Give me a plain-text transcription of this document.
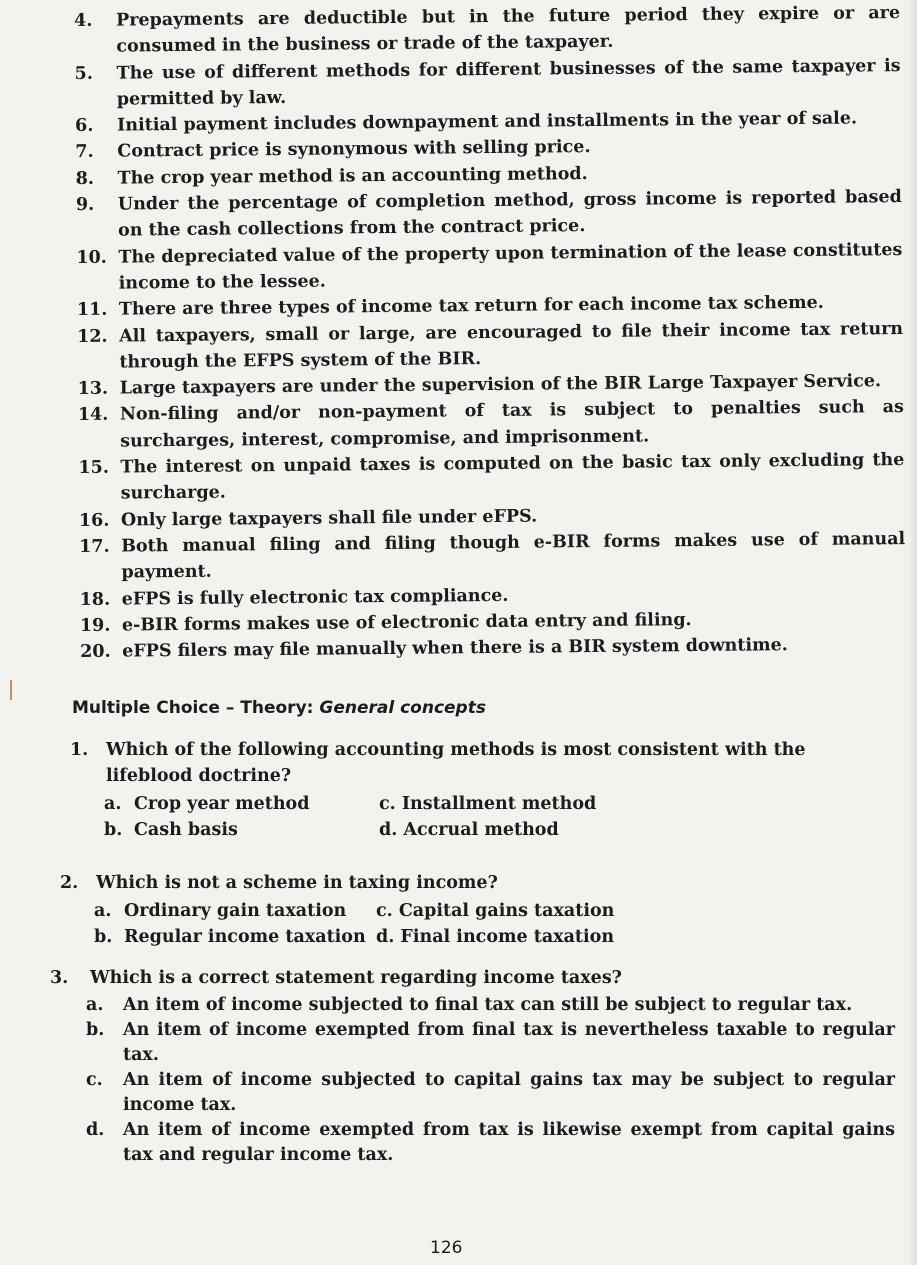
4.	Prepayments are deductible but in the future period they expire or are consumed in the business or trade of the taxpayer.
5.	The use of different methods for different businesses of the same taxpayer is permitted by law.
6.	Initial payment includes downpayment and installments in the year of sale.
7.	Contract price is synonymous with selling price.
8.	The crop year method is an accounting method.
9.	Under the percentage of completion method, gross income is reported based on the cash collections from the contract price.
10. The depreciated value of the property upon termination of the lease constitutes income to the lessee.
11. There are three types of income tax return for each income tax scheme.
12. All taxpayers, small or large, are encouraged to file their income tax return through the EFPS system of the BIR.
13. Large taxpayers are under the supervision of the BIR Large Taxpayer Service.
14. Non-filing and/or non-payment of tax is subject to penalties such as surcharges, interest, compromise, and imprisonment.
15. The interest on unpaid taxes is computed on the basic tax only excluding the surcharge.
16. Only large taxpayers shall file under eFPS.
17. Both manual filing and filing though e-BIR forms makes use of manual payment.
18. eFPS is fully electronic tax compliance.
19. e-BIR forms makes use of electronic data entry and filing.
20. eFPS filers may file manually when there is a BIR system downtime.
Multiple Choice – Theory: General concepts
1. Which of the following accounting methods is most consistent with the lifeblood doctrine?
a. Crop year method	c. Installment method
b. Cash basis	d. Accrual method
2. Which is not a scheme in taxing income?
a. Ordinary gain taxation	c. Capital gains taxation
b. Regular income taxation d. Final income taxation
3. Which is a correct statement regarding income taxes?
a.	An item of income subjected to final tax can still be subject to regular tax.
b.	An item of income exempted from final tax is nevertheless taxable to regular tax.
c.	An item of income subjected to capital gains tax may be subject to regular income tax.
d.	An item of income exempted from tax is likewise exempt from capital gains tax and regular income tax.
126
